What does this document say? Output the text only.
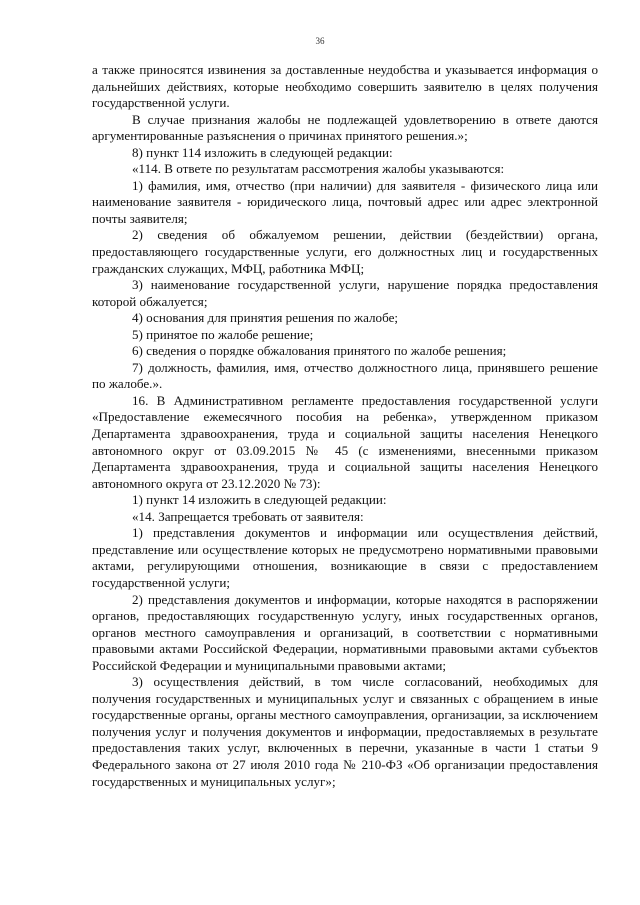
36

а также приносятся извинения за доставленные неудобства и указывается информация о дальнейших действиях, которые необходимо совершить заявителю в целях получения государственной услуги.

В случае признания жалобы не подлежащей удовлетворению в ответе даются аргументированные разъяснения о причинах принятого решения.»;

8) пункт 114 изложить в следующей редакции:

«114. В ответе по результатам рассмотрения жалобы указываются:

1) фамилия, имя, отчество (при наличии) для заявителя - физического лица или наименование заявителя - юридического лица, почтовый адрес или адрес электронной почты заявителя;

2) сведения об обжалуемом решении, действии (бездействии) органа, предоставляющего государственные услуги, его должностных лиц и государственных гражданских служащих, МФЦ, работника МФЦ;

3) наименование государственной услуги, нарушение порядка предоставления которой обжалуется;

4) основания для принятия решения по жалобе;

5) принятое по жалобе решение;

6) сведения о порядке обжалования принятого по жалобе решения;

7) должность, фамилия, имя, отчество должностного лица, принявшего решение по жалобе.».

16. В Административном регламенте предоставления государственной услуги «Предоставление ежемесячного пособия на ребенка», утвержденном приказом Департамента здравоохранения, труда и социальной защиты населения Ненецкого автономного округ от 03.09.2015 № 45 (с изменениями, внесенными приказом Департамента здравоохранения, труда и социальной защиты населения Ненецкого автономного округа от 23.12.2020 № 73):

1) пункт 14 изложить в следующей редакции:

«14. Запрещается требовать от заявителя:

1) представления документов и информации или осуществления действий, представление или осуществление которых не предусмотрено нормативными правовыми актами, регулирующими отношения, возникающие в связи с предоставлением государственной услуги;

2) представления документов и информации, которые находятся в распоряжении органов, предоставляющих государственную услугу, иных государственных органов, органов местного самоуправления и организаций, в соответствии с нормативными правовыми актами Российской Федерации, нормативными правовыми актами субъектов Российской Федерации и муниципальными правовыми актами;

3) осуществления действий, в том числе согласований, необходимых для получения государственных и муниципальных услуг и связанных с обращением в иные государственные органы, органы местного самоуправления, организации, за исключением получения услуг и получения документов и информации, предоставляемых в результате предоставления таких услуг, включенных в перечни, указанные в части 1 статьи 9 Федерального закона от 27 июля 2010 года № 210-ФЗ «Об организации предоставления государственных и муниципальных услуг»;
